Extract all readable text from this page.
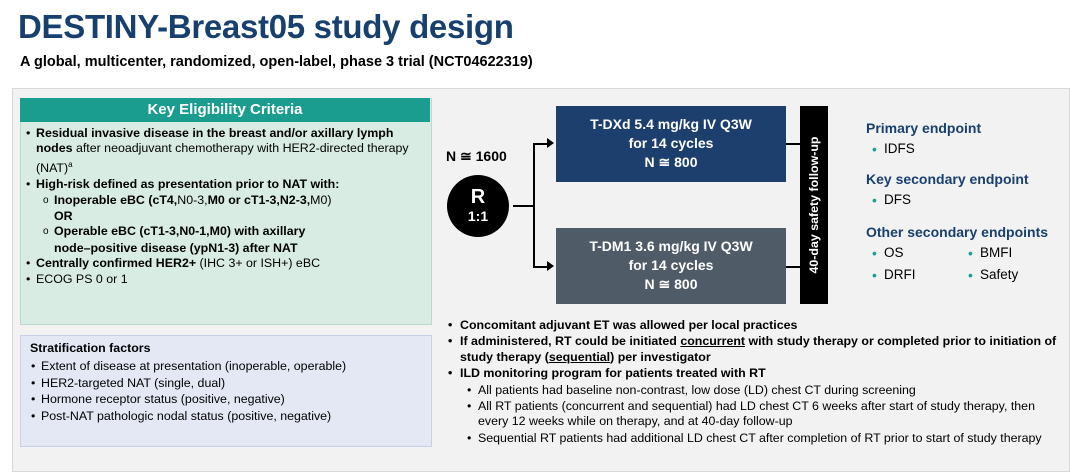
DESTINY-Breast05 study design
A global, multicenter, randomized, open-label, phase 3 trial (NCT04622319)
Key Eligibility Criteria
• Residual invasive disease in the breast and/or axillary lymph nodes after neoadjuvant chemotherapy with HER2-directed therapy (NAT)$^a$
• High-risk defined as presentation prior to NAT with:
o Inoperable eBC (cT4,N0-3,M0 or cT1-3,N2-3,M0)
OR
o Operable eBC (cT1-3,N0-1,M0) with axillary
node–positive disease (ypN1-3) after NAT
• Centrally confirmed HER2+ (IHC 3+ or ISH+) eBC
• ECOG PS 0 or 1
Stratification factors
• Extent of disease at presentation (inoperable, operable)
• HER2-targeted NAT (single, dual)
• Hormone receptor status (positive, negative)
• Post-NAT pathologic nodal status (positive, negative)
N ≅ 1600
R
1:1
T-DXd 5.4 mg/kg IV Q3W
for 14 cycles
N ≅ 800
T-DM1 3.6 mg/kg IV Q3W
for 14 cycles
N ≅ 800
40-day safety follow-up
Primary endpoint
• IDFS
Key secondary endpoint
• DFS
Other secondary endpoints
• OS	• BMFI
• DRFI	• Safety
• Concomitant adjuvant ET was allowed per local practices
• If administered, RT could be initiated concurrent with study therapy or completed prior to initiation of study therapy (sequential) per investigator
• ILD monitoring program for patients treated with RT
• All patients had baseline non-contrast, low dose (LD) chest CT during screening
• All RT patients (concurrent and sequential) had LD chest CT 6 weeks after start of study therapy, then every 12 weeks while on therapy, and at 40-day follow-up
• Sequential RT patients had additional LD chest CT after completion of RT prior to start of study therapy
